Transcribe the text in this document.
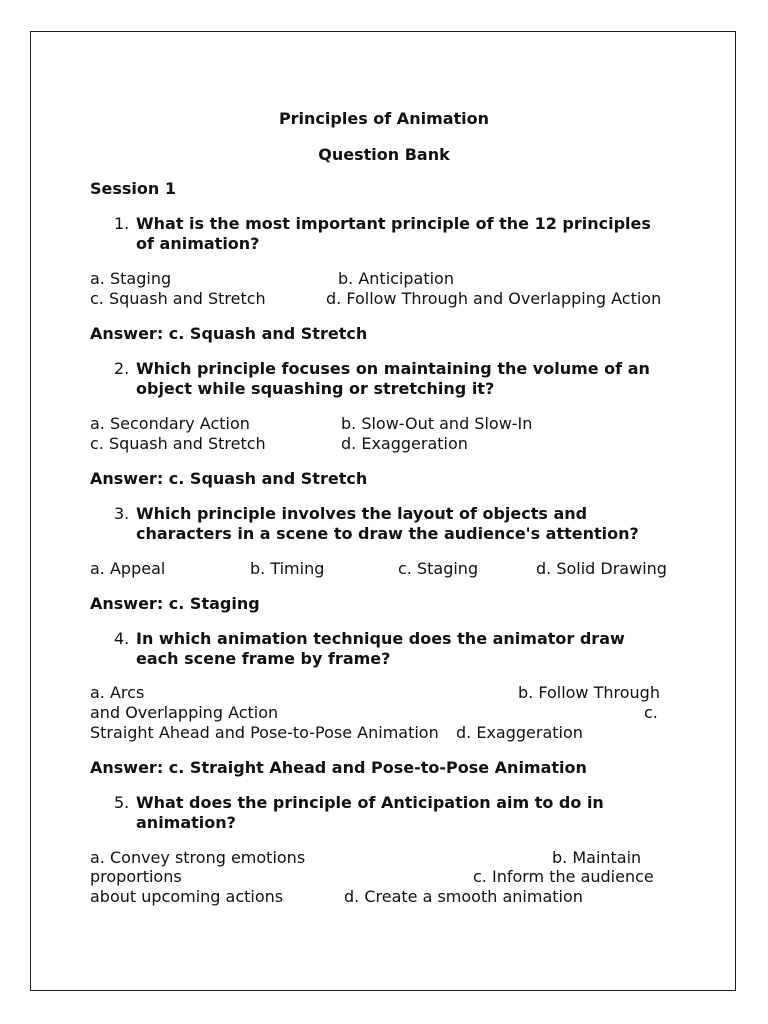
Principles of Animation
Question Bank
Session 1
1. What is the most important principle of the 12 principles
of animation?
a. Staging	b. Anticipation
c. Squash and Stretch	d. Follow Through and Overlapping Action
Answer: c. Squash and Stretch
2. Which principle focuses on maintaining the volume of an
object while squashing or stretching it?
a. Secondary Action	b. Slow-Out and Slow-In
c. Squash and Stretch	d. Exaggeration
Answer: c. Squash and Stretch
3. Which principle involves the layout of objects and
characters in a scene to draw the audience's attention?
a. Appeal	b. Timing	c. Staging	d. Solid Drawing
Answer: c. Staging
4. In which animation technique does the animator draw
each scene frame by frame?
a. Arcs	b. Follow Through
and Overlapping Action	c.
Straight Ahead and Pose-to-Pose Animation d. Exaggeration
Answer: c. Straight Ahead and Pose-to-Pose Animation
5. What does the principle of Anticipation aim to do in
animation?
a. Convey strong emotions	b. Maintain
proportions	c. Inform the audience
about upcoming actions	d. Create a smooth animation
